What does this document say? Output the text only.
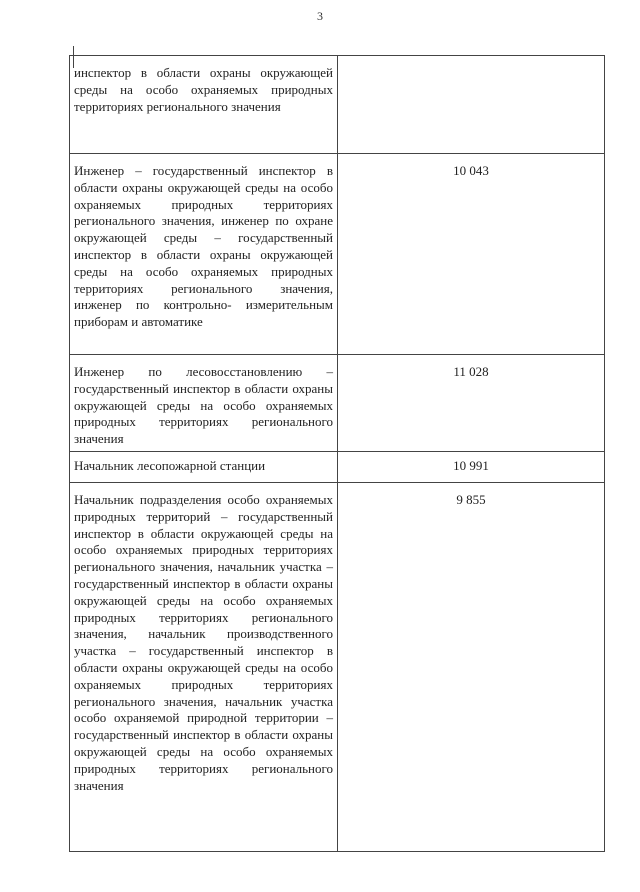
3
инспектор в области охраны окружающей среды на особо охраняемых природных территориях регионального значения	

Инженер – государственный инспектор в области охраны окружающей среды на особо охраняемых природных территориях регионального значения, инженер по охране окружающей среды – государственный инспектор в области охраны окружающей среды на особо охраняемых природных территориях регионального значения, инженер по контрольно- измерительным приборам и автоматике	10 043

Инженер по лесовосстановлению – государственный инспектор в области охраны окружающей среды на особо охраняемых природных территориях регионального значения	11 028

Начальник лесопожарной станции	10 991

Начальник подразделения особо охраняемых природных территорий – государственный инспектор в области окружающей среды на особо охраняемых природных территориях регионального значения, начальник участка – государственный инспектор в области охраны окружающей среды на особо охраняемых природных территориях регионального значения, начальник производственного участка – государственный инспектор в области охраны окружающей среды на особо охраняемых природных территориях регионального значения, начальник участка особо охраняемой природной территории – государственный инспектор в области охраны окружающей среды на особо охраняемых природных территориях регионального значения	9 855
